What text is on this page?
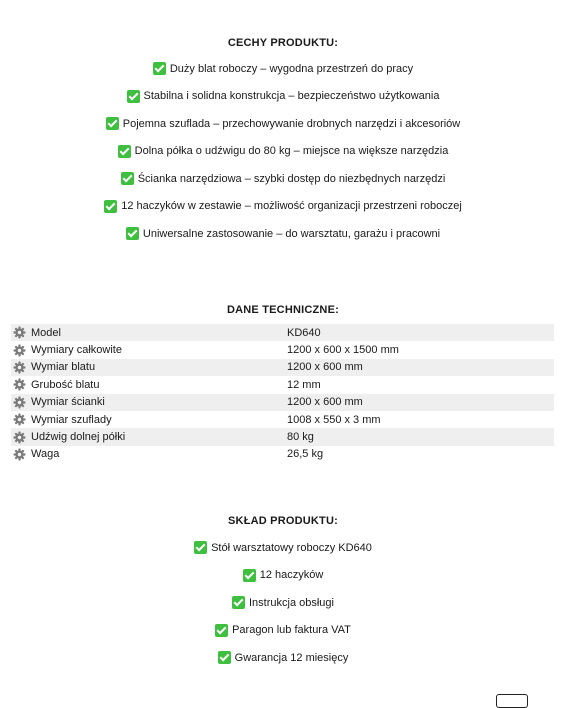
CECHY PRODUKTU:
Duży blat roboczy – wygodna przestrzeń do pracy
Stabilna i solidna konstrukcja – bezpieczeństwo użytkowania
Pojemna szuflada – przechowywanie drobnych narzędzi i akcesoriów
Dolna półka o udźwigu do 80 kg – miejsce na większe narzędzia
Ścianka narzędziowa – szybki dostęp do niezbędnych narzędzi
12 haczyków w zestawie – możliwość organizacji przestrzeni roboczej
Uniwersalne zastosowanie – do warsztatu, garażu i pracowni
DANE TECHNICZNE:
Model	KD640
Wymiary całkowite	1200 x 600 x 1500 mm
Wymiar blatu	1200 x 600 mm
Grubość blatu	12 mm
Wymiar ścianki	1200 x 600 mm
Wymiar szuflady	1008 x 550 x 3 mm
Udźwig dolnej półki	80 kg
Waga	26,5 kg
SKŁAD PRODUKTU:
Stół warsztatowy roboczy KD640
12 haczyków
Instrukcja obsługi
Paragon lub faktura VAT
Gwarancja 12 miesięcy
